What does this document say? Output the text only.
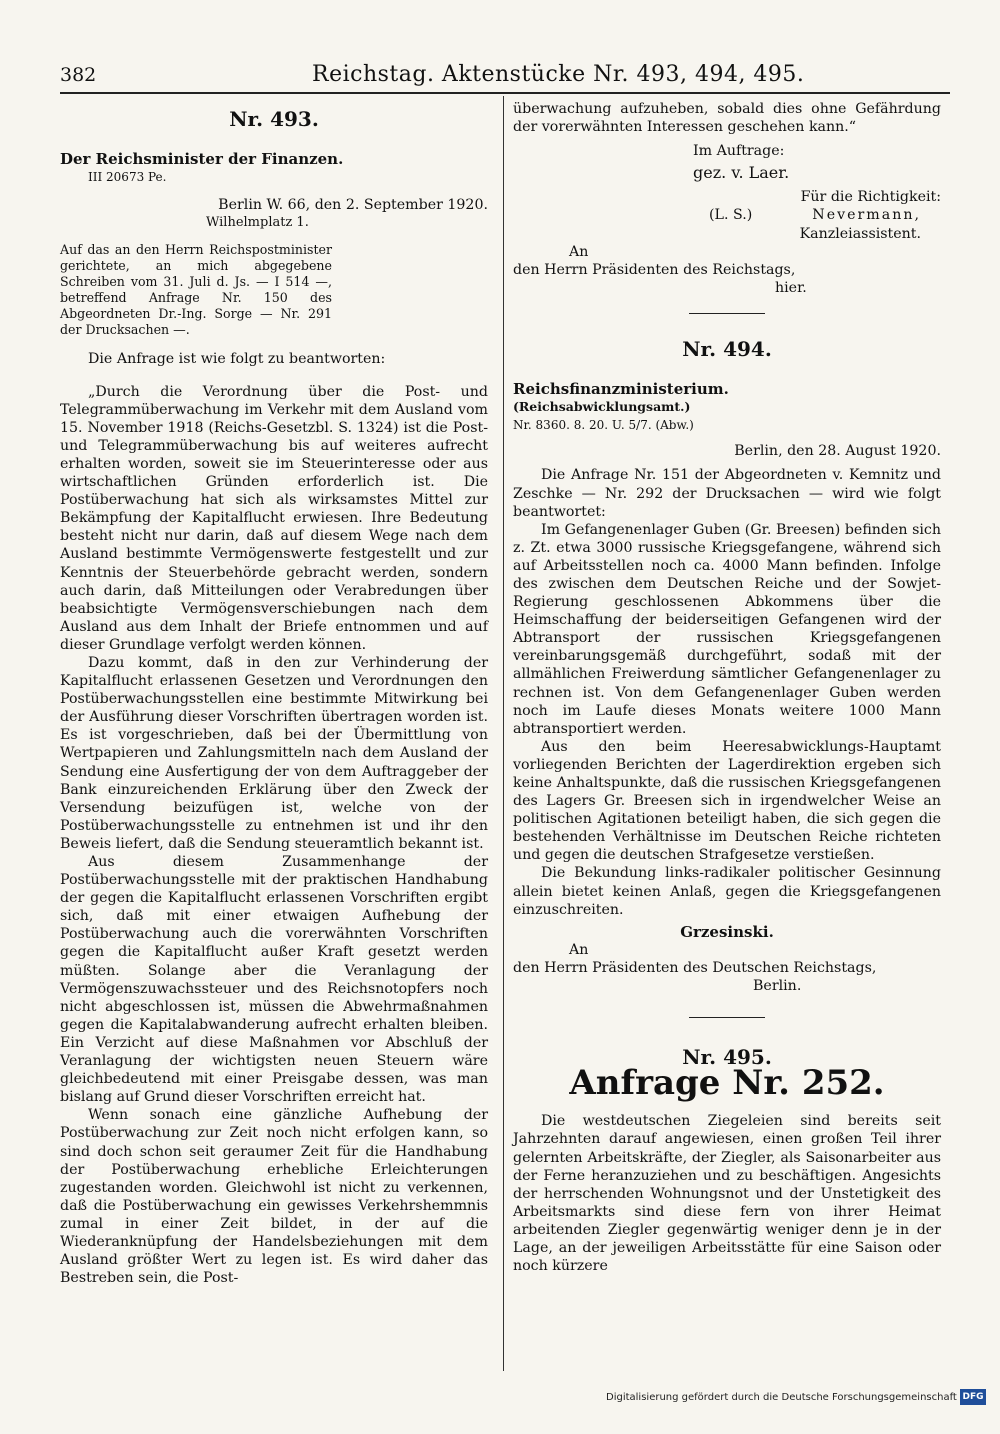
382	Reichstag. Aktenstücke Nr. 493, 494, 495.
Nr. 493.

Der Reichsminister der Finanzen.

III 20673 Pe.

Berlin W. 66, den 2. September 1920.

Wilhelmplatz 1.

Auf das an den Herrn Reichspostminister gerichtete, an mich abgegebene Schreiben vom 31. Juli d. Js. — I 514 —, betreffend Anfrage Nr. 150 des Abgeordneten Dr.-Ing. Sorge — Nr. 291 der Drucksachen —.

Die Anfrage ist wie folgt zu beantworten:

„Durch die Verordnung über die Post- und Telegrammüberwachung im Verkehr mit dem Ausland vom 15. November 1918 (Reichs-Gesetzbl. S. 1324) ist die Post- und Telegrammüberwachung bis auf weiteres aufrecht erhalten worden, soweit sie im Steuerinteresse oder aus wirtschaftlichen Gründen erforderlich ist. Die Postüberwachung hat sich als wirksamstes Mittel zur Bekämpfung der Kapitalflucht erwiesen. Ihre Bedeutung besteht nicht nur darin, daß auf diesem Wege nach dem Ausland bestimmte Vermögenswerte festgestellt und zur Kenntnis der Steuerbehörde gebracht werden, sondern auch darin, daß Mitteilungen oder Verabredungen über beabsichtigte Vermögensverschiebungen nach dem Ausland aus dem Inhalt der Briefe entnommen und auf dieser Grundlage verfolgt werden können.

Dazu kommt, daß in den zur Verhinderung der Kapitalflucht erlassenen Gesetzen und Verordnungen den Postüberwachungsstellen eine bestimmte Mitwirkung bei der Ausführung dieser Vorschriften übertragen worden ist. Es ist vorgeschrieben, daß bei der Übermittlung von Wertpapieren und Zahlungsmitteln nach dem Ausland der Sendung eine Ausfertigung der von dem Auftraggeber der Bank einzureichenden Erklärung über den Zweck der Versendung beizufügen ist, welche von der Postüberwachungsstelle zu entnehmen ist und ihr den Beweis liefert, daß die Sendung steueramtlich bekannt ist.

Aus diesem Zusammenhange der Postüberwachungsstelle mit der praktischen Handhabung der gegen die Kapitalflucht erlassenen Vorschriften ergibt sich, daß mit einer etwaigen Aufhebung der Postüberwachung auch die vorerwähnten Vorschriften gegen die Kapitalflucht außer Kraft gesetzt werden müßten. Solange aber die Veranlagung der Vermögenszuwachssteuer und des Reichsnotopfers noch nicht abgeschlossen ist, müssen die Abwehrmaßnahmen gegen die Kapitalabwanderung aufrecht erhalten bleiben. Ein Verzicht auf diese Maßnahmen vor Abschluß der Veranlagung der wichtigsten neuen Steuern wäre gleichbedeutend mit einer Preisgabe dessen, was man bislang auf Grund dieser Vorschriften erreicht hat.

Wenn sonach eine gänzliche Aufhebung der Postüberwachung zur Zeit noch nicht erfolgen kann, so sind doch schon seit geraumer Zeit für die Handhabung der Postüberwachung erhebliche Erleichterungen zugestanden worden. Gleichwohl ist nicht zu verkennen, daß die Postüberwachung ein gewisses Verkehrshemmnis zumal in einer Zeit bildet, in der auf die Wiederanknüpfung der Handelsbeziehungen mit dem Ausland größter Wert zu legen ist. Es wird daher das Bestreben sein, die Post-

überwachung aufzuheben, sobald dies ohne Gefährdung der vorerwähnten Interessen geschehen kann.“

Im Auftrage:

gez. v. Laer.

Für die Richtigkeit:

(L. S.)	Nevermann,

Kanzleiassistent.

An

den Herrn Präsidenten des Reichstags,

hier.

Nr. 494.

Reichsfinanzministerium.

(Reichsabwicklungsamt.)

Nr. 8360. 8. 20. U. 5/7. (Abw.)

Berlin, den 28. August 1920.

Die Anfrage Nr. 151 der Abgeordneten v. Kemnitz und Zeschke — Nr. 292 der Drucksachen — wird wie folgt beantwortet:

Im Gefangenenlager Guben (Gr. Breesen) befinden sich z. Zt. etwa 3000 russische Kriegsgefangene, während sich auf Arbeitsstellen noch ca. 4000 Mann befinden. Infolge des zwischen dem Deutschen Reiche und der Sowjet-Regierung geschlossenen Abkommens über die Heimschaffung der beiderseitigen Gefangenen wird der Abtransport der russischen Kriegsgefangenen vereinbarungsgemäß durchgeführt, sodaß mit der allmählichen Freiwerdung sämtlicher Gefangenenlager zu rechnen ist. Von dem Gefangenenlager Guben werden noch im Laufe dieses Monats weitere 1000 Mann abtransportiert werden.

Aus den beim Heeresabwicklungs-Hauptamt vorliegenden Berichten der Lagerdirektion ergeben sich keine Anhaltspunkte, daß die russischen Kriegsgefangenen des Lagers Gr. Breesen sich in irgendwelcher Weise an politischen Agitationen beteiligt haben, die sich gegen die bestehenden Verhältnisse im Deutschen Reiche richteten und gegen die deutschen Strafgesetze verstießen.

Die Bekundung links-radikaler politischer Gesinnung allein bietet keinen Anlaß, gegen die Kriegsgefangenen einzuschreiten.

Grzesinski.

An

den Herrn Präsidenten des Deutschen Reichstags,

Berlin.

Nr. 495.
Anfrage Nr. 252.

Die westdeutschen Ziegeleien sind bereits seit Jahrzehnten darauf angewiesen, einen großen Teil ihrer gelernten Arbeitskräfte, der Ziegler, als Saisonarbeiter aus der Ferne heranzuziehen und zu beschäftigen. Angesichts der herrschenden Wohnungsnot und der Unstetigkeit des Arbeitsmarkts sind diese fern von ihrer Heimat arbeitenden Ziegler gegenwärtig weniger denn je in der Lage, an der jeweiligen Arbeitsstätte für eine Saison oder noch kürzere

Digitalisierung gefördert durch die Deutsche Forschungsgemeinschaft DFG
